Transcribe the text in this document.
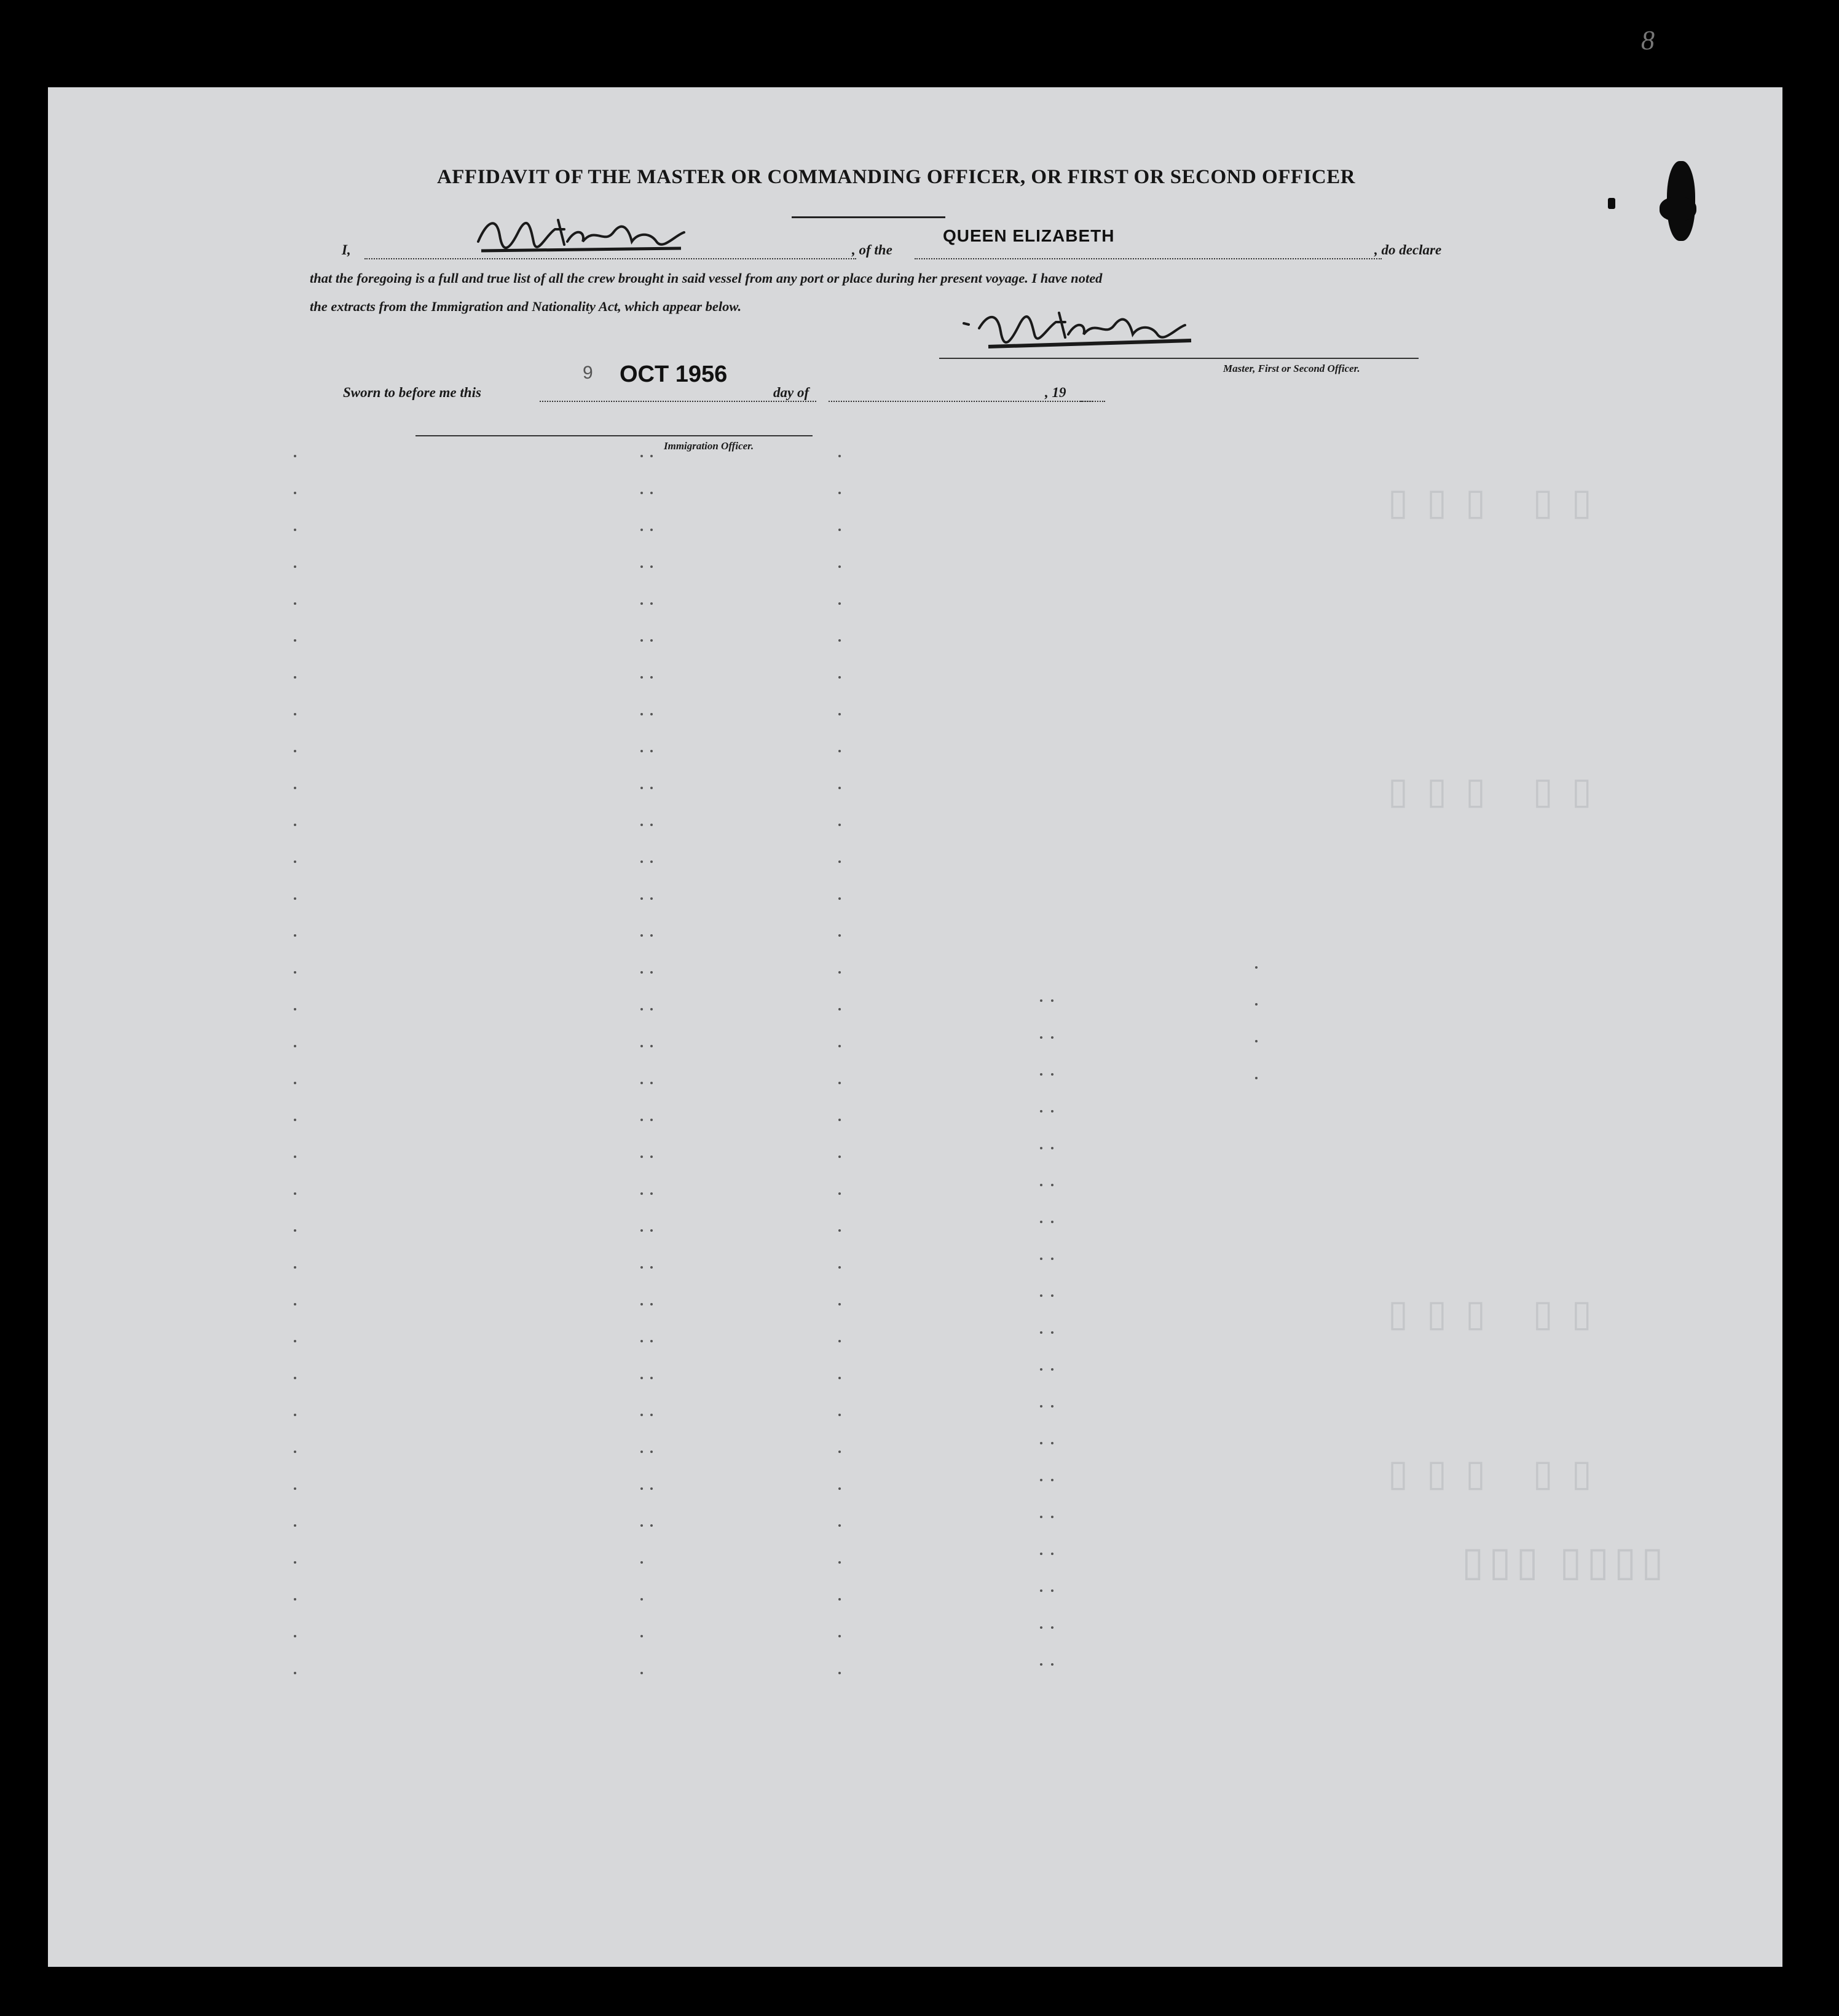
▯▯▯ ▯▯
▯▯▯ ▯▯
▯▯▯ ▯▯
▯▯▯ ▯▯
▯▯▯ ▯▯▯▯
AFFIDAVIT OF THE MASTER OR COMMANDING OFFICER, OR FIRST OR SECOND OFFICER
I,	, of the
QUEEN ELIZABETH
, do declare
that the foregoing is a full and true list of all the crew brought in said vessel from any port or place during her present voyage. I have noted
the extracts from the Immigration and Nationality Act, which appear below.
Master, First or Second Officer.
Sworn to before me this
9 OCT 1956
day of	, 19
Immigration Officer.
8
